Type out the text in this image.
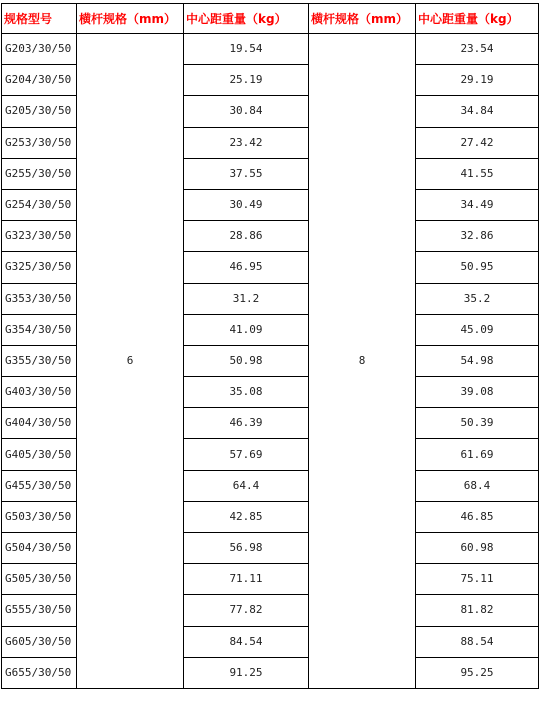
规格型号	横杆规格（mm）	中心距重量（kg）	横杆规格（mm）	中心距重量（kg）
G203/30/50	6	19.54	8	23.54
G204/30/50		25.19		29.19
G205/30/50		30.84		34.84
G253/30/50		23.42		27.42
G255/30/50		37.55		41.55
G254/30/50		30.49		34.49
G323/30/50		28.86		32.86
G325/30/50		46.95		50.95
G353/30/50		31.2		35.2
G354/30/50		41.09		45.09
G355/30/50		50.98		54.98
G403/30/50		35.08		39.08
G404/30/50		46.39		50.39
G405/30/50		57.69		61.69
G455/30/50		64.4		68.4
G503/30/50		42.85		46.85
G504/30/50		56.98		60.98
G505/30/50		71.11		75.11
G555/30/50		77.82		81.82
G605/30/50		84.54		88.54
G655/30/50		91.25		95.25
